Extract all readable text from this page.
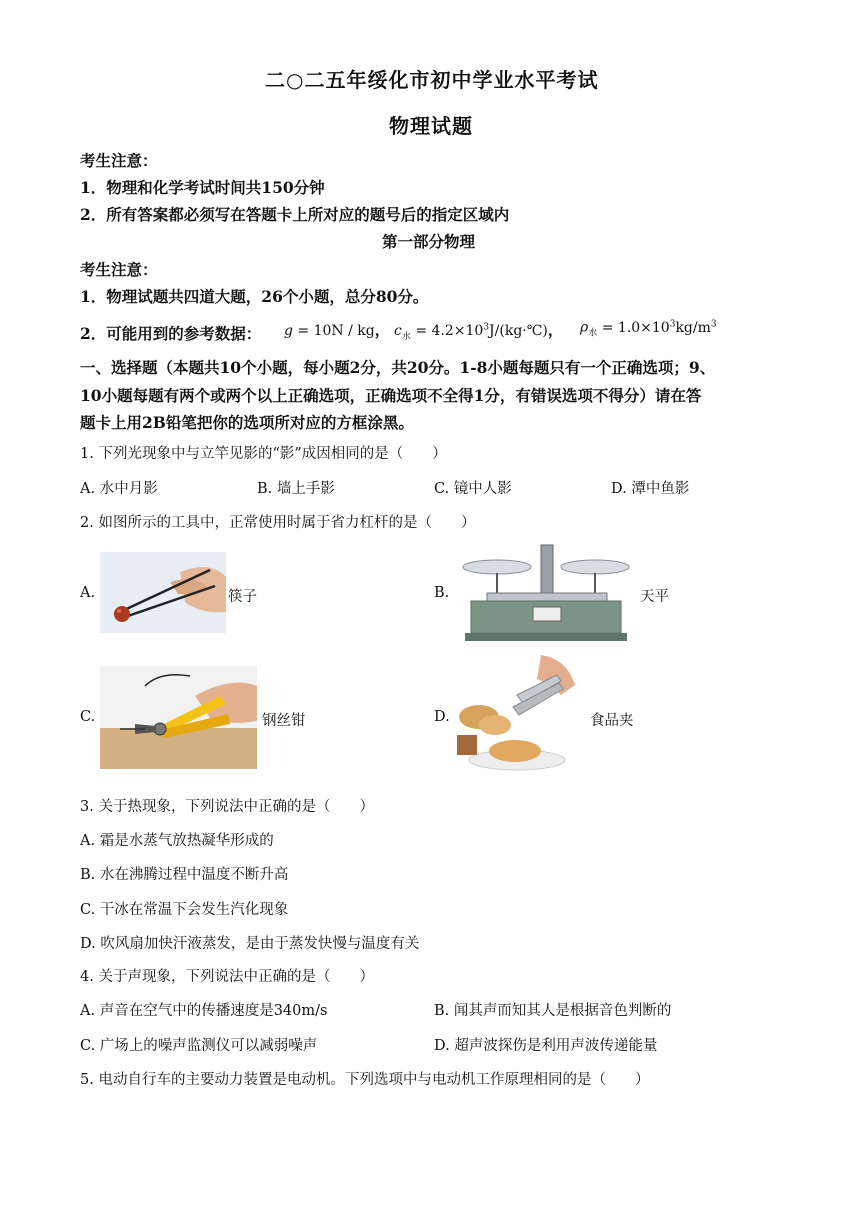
二○二五年绥化市初中学业水平考试
物理试题
考生注意：
1．物理和化学考试时间共150分钟
2．所有答案都必须写在答题卡上所对应的题号后的指定区域内
第一部分物理
考生注意：
1．物理试题共四道大题，26个小题，总分80分。
2．可能用到的参考数据： g = 10N / kg， $c_水$ = $4.2\times 10^3J/(kg\cdot℃)$， $\rho_水 = 1.0\times 10^3kg/m^3$
一、选择题（本题共10个小题，每小题2分，共20分。1-8小题每题只有一个正确选项；9、
10小题每题有两个或两个以上正确选项，正确选项不全得1分，有错误选项不得分）请在答
题卡上用2B铅笔把你的选项所对应的方框涂黑。
1. 下列光现象中与立竿见影的“影”成因相同的是（　　）
A. 水中月影	B. 墙上手影	C. 镜中人影	D. 潭中鱼影
2. 如图所示的工具中，正常使用时属于省力杠杆的是（　　）
A.	筷子	B.	天平
C.	钢丝钳	D.	食品夹
3. 关于热现象，下列说法中正确的是（　　）
A. 霜是水蒸气放热凝华形成的
B. 水在沸腾过程中温度不断升高
C. 干冰在常温下会发生汽化现象
D. 吹风扇加快汗液蒸发，是由于蒸发快慢与温度有关
4. 关于声现象，下列说法中正确的是（　　）
A. 声音在空气中的传播速度是340m/s	B. 闻其声而知其人是根据音色判断的
C. 广场上的噪声监测仪可以减弱噪声	D. 超声波探伤是利用声波传递能量
5. 电动自行车的主要动力装置是电动机。下列选项中与电动机工作原理相同的是（　　）
